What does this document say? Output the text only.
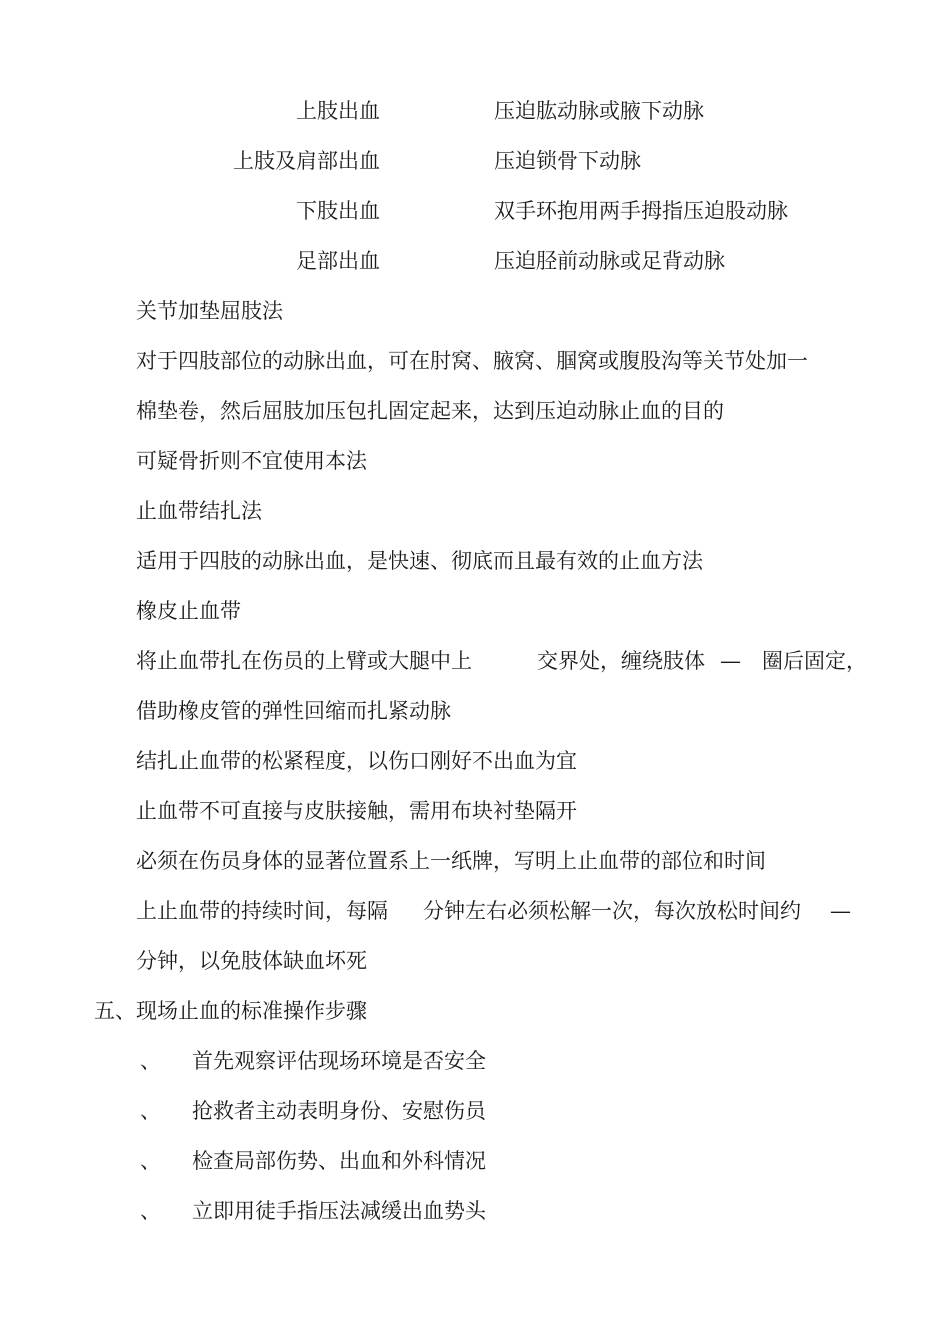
上肢出血	压迫肱动脉或腋下动脉
上肢及肩部出血	压迫锁骨下动脉
下肢出血	双手环抱用两手拇指压迫股动脉
足部出血	压迫胫前动脉或足背动脉
关节加垫屈肢法
对于四肢部位的动脉出血，可在肘窝、腋窝、腘窝或腹股沟等关节处加一
棉垫卷，然后屈肢加压包扎固定起来，达到压迫动脉止血的目的
可疑骨折则不宜使用本法
止血带结扎法
适用于四肢的动脉出血，是快速、彻底而且最有效的止血方法
橡皮止血带
将止血带扎在伤员的上臂或大腿中上	交界处，缠绕肢体 — 圈后固定，
借助橡皮管的弹性回缩而扎紧动脉
结扎止血带的松紧程度，以伤口刚好不出血为宜
止血带不可直接与皮肤接触，需用布块衬垫隔开
必须在伤员身体的显著位置系上一纸牌，写明上止血带的部位和时间
上止血带的持续时间，每隔 分钟左右必须松解一次，每次放松时间约 —
分钟，以免肢体缺血坏死
五、现场止血的标准操作步骤
、 首先观察评估现场环境是否安全
、 抢救者主动表明身份、安慰伤员
、 检查局部伤势、出血和外科情况
、 立即用徒手指压法减缓出血势头
